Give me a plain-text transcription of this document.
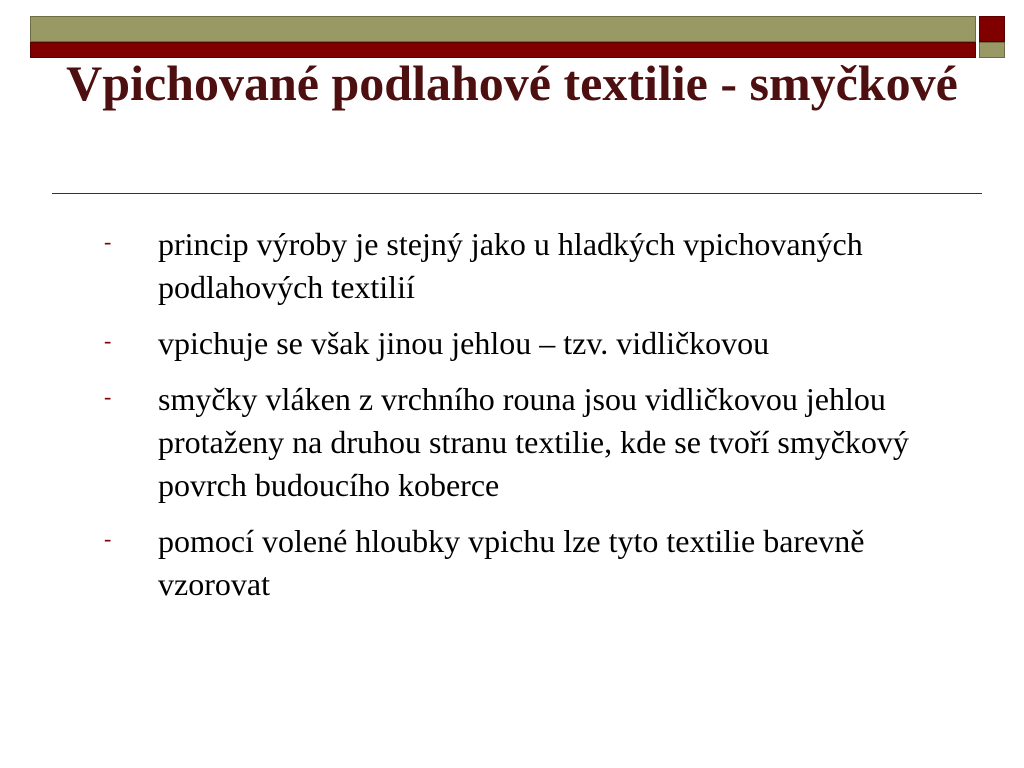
Vpichované podlahové textilie - smyčkové
- princip výroby je stejný jako u hladkých vpichovaných podlahových textilií
- vpichuje se však jinou jehlou – tzv. vidličkovou
- smyčky vláken z vrchního rouna jsou vidličkovou jehlou protaženy na druhou stranu textilie, kde se tvoří smyčkový povrch budoucího koberce
- pomocí volené hloubky vpichu lze tyto textilie barevně vzorovat
